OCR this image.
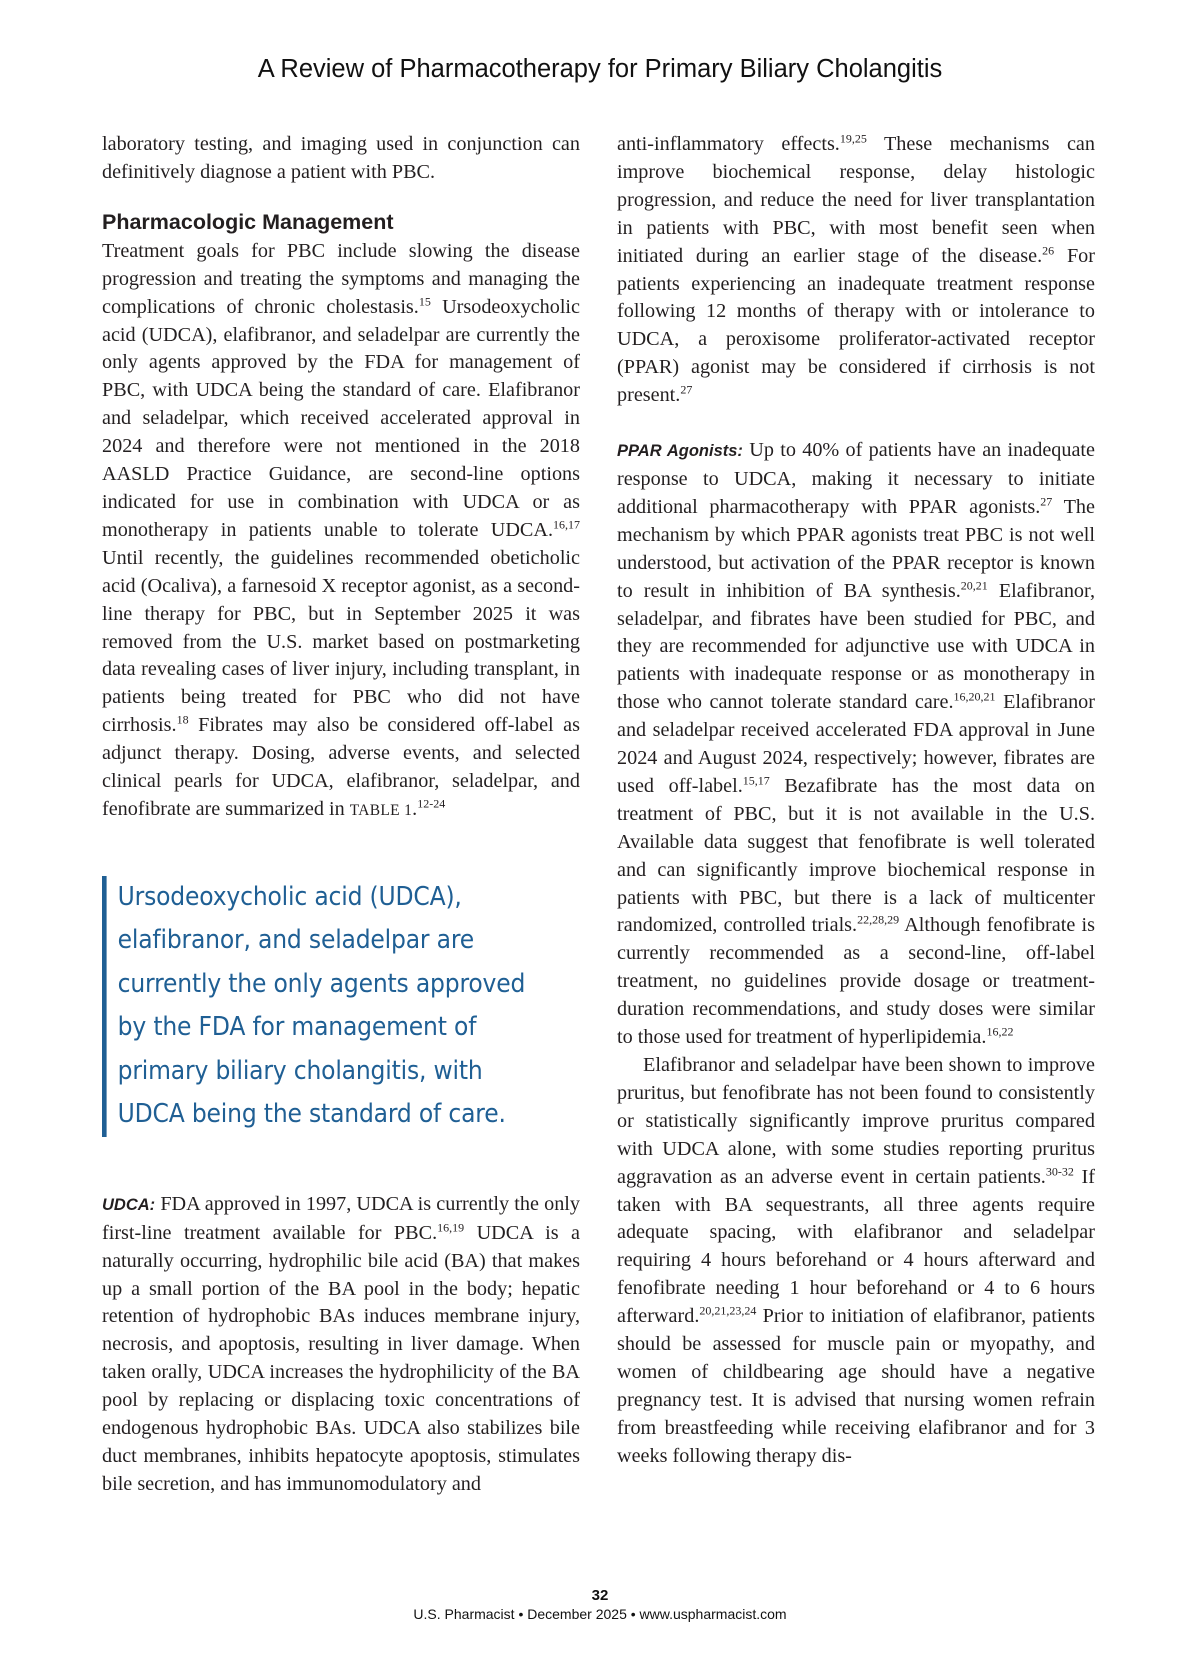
A Review of Pharmacotherapy for Primary Biliary Cholangitis

laboratory testing, and imaging used in conjunction can definitively diagnose a patient with PBC.

Pharmacologic Management

Treatment goals for PBC include slowing the disease progression and treating the symptoms and managing the complications of chronic cholestasis.$^{15}$ Ursodeoxycholic acid (UDCA), elafibranor, and seladelpar are currently the only agents approved by the FDA for management of PBC, with UDCA being the standard of care. Elafibranor and seladelpar, which received accelerated approval in 2024 and therefore were not mentioned in the 2018 AASLD Practice Guidance, are second-line options indicated for use in combination with UDCA or as monotherapy in patients unable to tolerate UDCA.$^{16,17}$ Until recently, the guidelines recommended obeticholic acid (Ocaliva), a farnesoid X receptor agonist, as a second-line therapy for PBC, but in September 2025 it was removed from the U.S. market based on postmarketing data revealing cases of liver injury, including transplant, in patients being treated for PBC who did not have cirrhosis.$^{18}$ Fibrates may also be considered off-label as adjunct therapy. Dosing, adverse events, and selected clinical pearls for UDCA, elafibranor, seladelpar, and fenofibrate are summarized in TABLE 1.$^{12-24}$

Ursodeoxycholic acid (UDCA), elafibranor, and seladelpar are currently the only agents approved by the FDA for management of primary biliary cholangitis, with UDCA being the standard of care.

UDCA: FDA approved in 1997, UDCA is currently the only first-line treatment available for PBC.$^{16,19}$ UDCA is a naturally occurring, hydrophilic bile acid (BA) that makes up a small portion of the BA pool in the body; hepatic retention of hydrophobic BAs induces membrane injury, necrosis, and apoptosis, resulting in liver damage. When taken orally, UDCA increases the hydrophilicity of the BA pool by replacing or displacing toxic concentrations of endogenous hydrophobic BAs. UDCA also stabilizes bile duct membranes, inhibits hepatocyte apoptosis, stimulates bile secretion, and has immunomodulatory and

anti-inflammatory effects.$^{19,25}$ These mechanisms can improve biochemical response, delay histologic progression, and reduce the need for liver transplantation in patients with PBC, with most benefit seen when initiated during an earlier stage of the disease.$^{26}$ For patients experiencing an inadequate treatment response following 12 months of therapy with or intolerance to UDCA, a peroxisome proliferator-activated receptor (PPAR) agonist may be considered if cirrhosis is not present.$^{27}$

PPAR Agonists: Up to 40% of patients have an inadequate response to UDCA, making it necessary to initiate additional pharmacotherapy with PPAR agonists.$^{27}$ The mechanism by which PPAR agonists treat PBC is not well understood, but activation of the PPAR receptor is known to result in inhibition of BA synthesis.$^{20,21}$ Elafibranor, seladelpar, and fibrates have been studied for PBC, and they are recommended for adjunctive use with UDCA in patients with inadequate response or as monotherapy in those who cannot tolerate standard care.$^{16,20,21}$ Elafibranor and seladelpar received accelerated FDA approval in June 2024 and August 2024, respectively; however, fibrates are used off-label.$^{15,17}$ Bezafibrate has the most data on treatment of PBC, but it is not available in the U.S. Available data suggest that fenofibrate is well tolerated and can significantly improve biochemical response in patients with PBC, but there is a lack of multicenter randomized, controlled trials.$^{22,28,29}$ Although fenofibrate is currently recommended as a second-line, off-label treatment, no guidelines provide dosage or treatment-duration recommendations, and study doses were similar to those used for treatment of hyperlipidemia.$^{16,22}$

Elafibranor and seladelpar have been shown to improve pruritus, but fenofibrate has not been found to consistently or statistically significantly improve pruritus compared with UDCA alone, with some studies reporting pruritus aggravation as an adverse event in certain patients.$^{30-32}$ If taken with BA sequestrants, all three agents require adequate spacing, with elafibranor and seladelpar requiring 4 hours beforehand or 4 hours afterward and fenofibrate needing 1 hour beforehand or 4 to 6 hours afterward.$^{20,21,23,24}$ Prior to initiation of elafibranor, patients should be assessed for muscle pain or myopathy, and women of childbearing age should have a negative pregnancy test. It is advised that nursing women refrain from breastfeeding while receiving elafibranor and for 3 weeks following therapy dis-

32
U.S. Pharmacist • December 2025 • www.uspharmacist.com
